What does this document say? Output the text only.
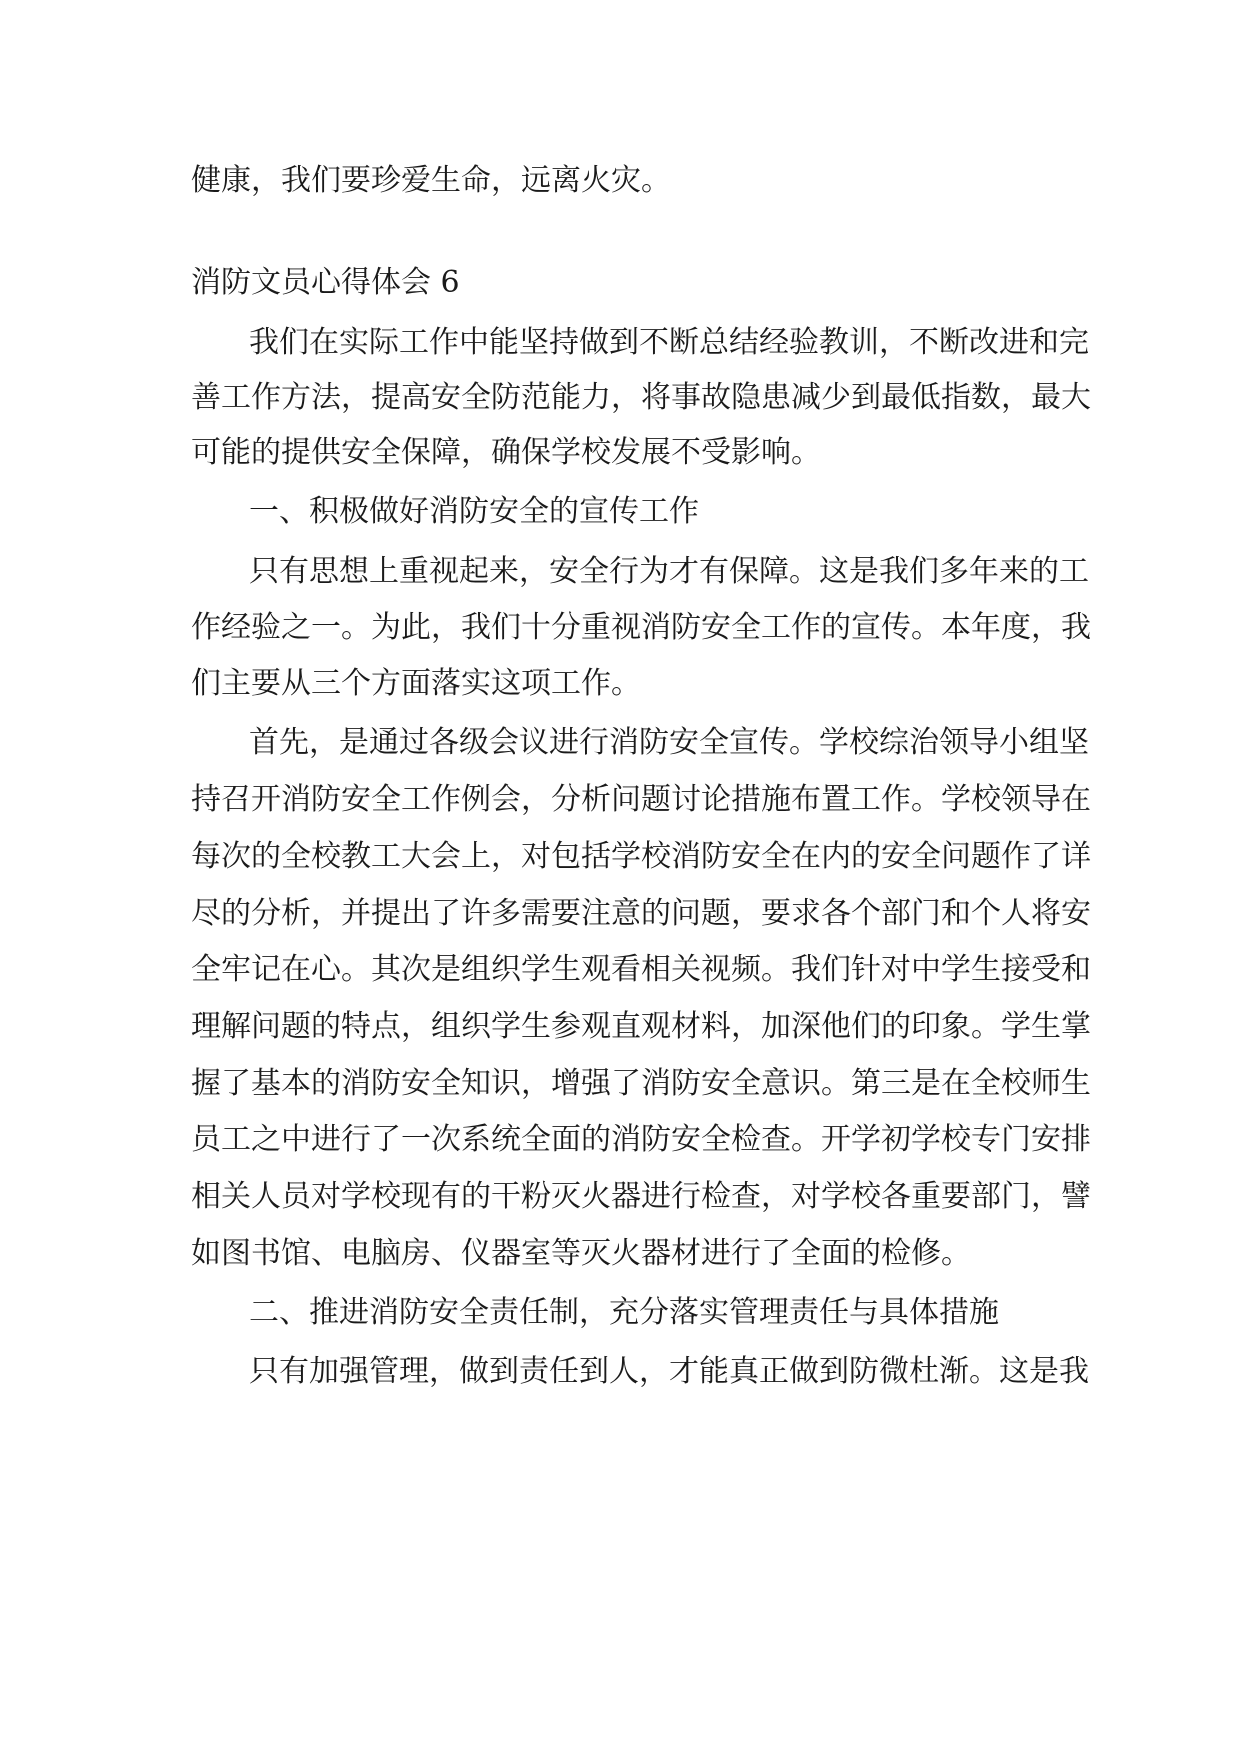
健康，我们要珍爱生命，远离火灾。
消防文员心得体会 6
我们在实际工作中能坚持做到不断总结经验教训，不断改进和完
善工作方法，提高安全防范能力，将事故隐患减少到最低指数，最大
可能的提供安全保障，确保学校发展不受影响。
一、积极做好消防安全的宣传工作
只有思想上重视起来，安全行为才有保障。这是我们多年来的工
作经验之一。为此，我们十分重视消防安全工作的宣传。本年度，我
们主要从三个方面落实这项工作。
首先，是通过各级会议进行消防安全宣传。学校综治领导小组坚
持召开消防安全工作例会，分析问题讨论措施布置工作。学校领导在
每次的全校教工大会上，对包括学校消防安全在内的安全问题作了详
尽的分析，并提出了许多需要注意的问题，要求各个部门和个人将安
全牢记在心。其次是组织学生观看相关视频。我们针对中学生接受和
理解问题的特点，组织学生参观直观材料，加深他们的印象。学生掌
握了基本的消防安全知识，增强了消防安全意识。第三是在全校师生
员工之中进行了一次系统全面的消防安全检查。开学初学校专门安排
相关人员对学校现有的干粉灭火器进行检查，对学校各重要部门，譬
如图书馆、电脑房、仪器室等灭火器材进行了全面的检修。
二、推进消防安全责任制，充分落实管理责任与具体措施
只有加强管理，做到责任到人，才能真正做到防微杜渐。这是我
